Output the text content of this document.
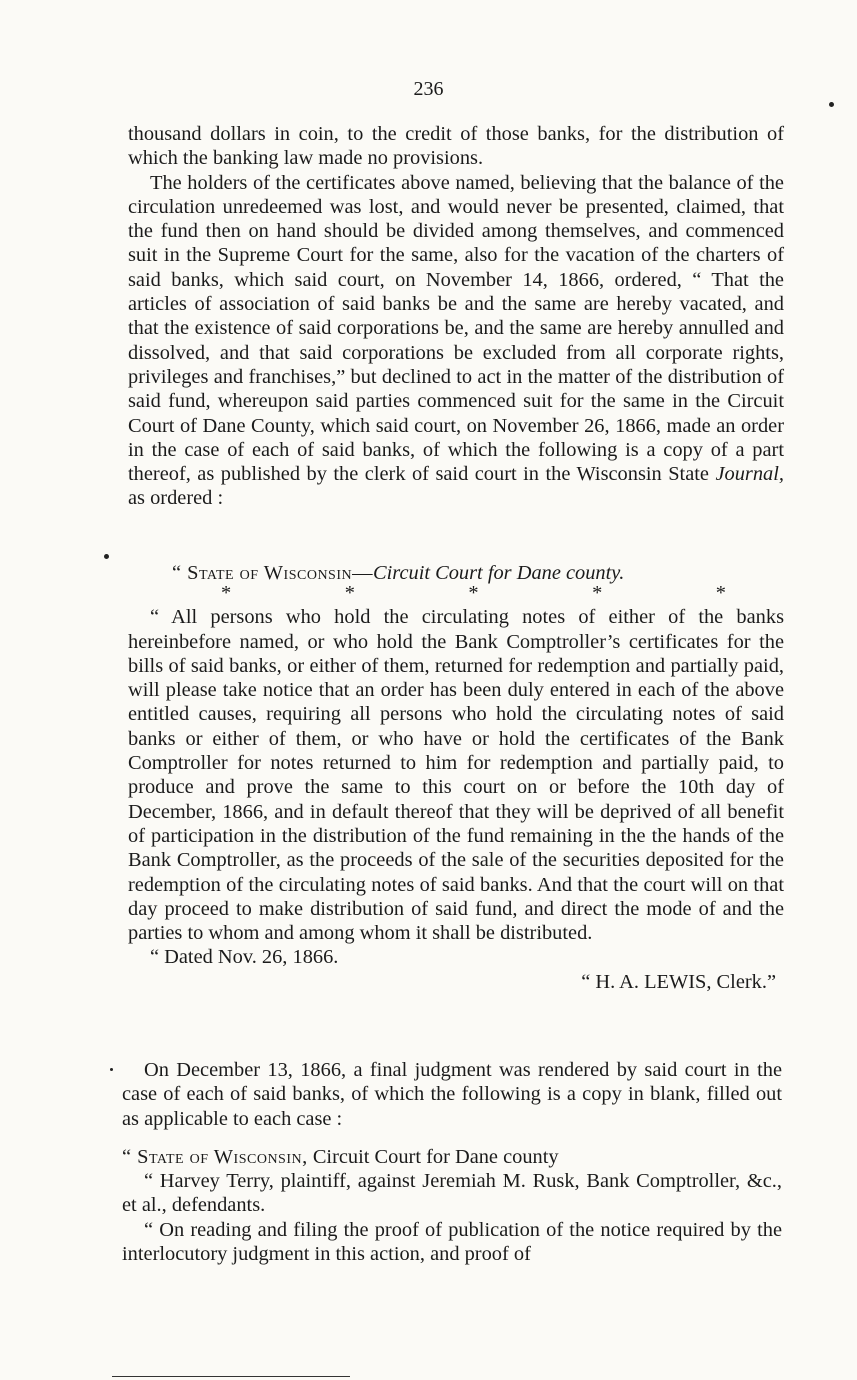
236

thousand dollars in coin, to the credit of those banks, for the distribution of which the banking law made no provisions.

The holders of the certificates above named, believing that the balance of the circulation unredeemed was lost, and would never be presented, claimed, that the fund then on hand should be divided among themselves, and commenced suit in the Supreme Court for the same, also for the vacation of the charters of said banks, which said court, on November 14, 1866, ordered, “ That the articles of association of said banks be and the same are hereby vacated, and that the existence of said corporations be, and the same are hereby annulled and dissolved, and that said corporations be excluded from all corporate rights, privileges and franchises,” but declined to act in the matter of the distribution of said fund, whereupon said parties commenced suit for the same in the Circuit Court of Dane County, which said court, on November 26, 1866, made an order in the case of each of said banks, of which the following is a copy of a part thereof, as published by the clerk of said court in the Wisconsin State Journal, as ordered :

“ State of Wisconsin—Circuit Court for Dane county.

*	*	*	*	*

“ All persons who hold the circulating notes of either of the banks hereinbefore named, or who hold the Bank Comptroller’s certificates for the bills of said banks, or either of them, returned for redemption and partially paid, will please take notice that an order has been duly entered in each of the above entitled causes, requiring all persons who hold the circulating notes of said banks or either of them, or who have or hold the certificates of the Bank Comptroller for notes returned to him for redemption and partially paid, to produce and prove the same to this court on or before the 10th day of December, 1866, and in default thereof that they will be deprived of all benefit of participation in the distribution of the fund remaining in the the hands of the Bank Comptroller, as the proceeds of the sale of the securities deposited for the redemption of the circulating notes of said banks. And that the court will on that day proceed to make distribution of said fund, and direct the mode of and the parties to whom and among whom it shall be distributed.

“ Dated Nov. 26, 1866.

“ H. A. LEWIS, Clerk.”

On December 13, 1866, a final judgment was rendered by said court in the case of each of said banks, of which the following is a copy in blank, filled out as applicable to each case :

“ State of Wisconsin, Circuit Court for Dane county

“ Harvey Terry, plaintiff, against Jeremiah M. Rusk, Bank Comptroller, &c., et al., defendants.

“ On reading and filing the proof of publication of the notice required by the interlocutory judgment in this action, and proof of
